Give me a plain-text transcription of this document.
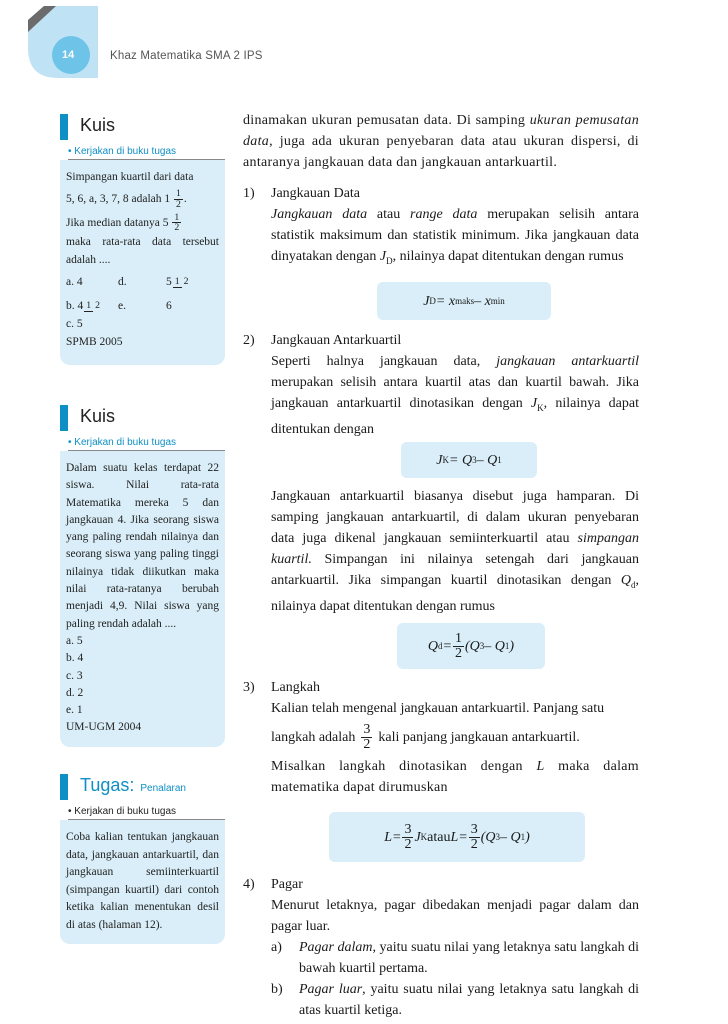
14	Khaz Matematika SMA 2 IPS
Kuis
• Kerjakan di buku tugas

Simpangan kuartil dari data

5, 6, a, 3, 7, 8 adalah $1 \frac{1}{2}$ .

Jika median datanya $5 \frac{1}{2}$

maka rata-rata data tersebut adalah ....

a. 4	d.	5 1 2
b. 4 1 2	e.	6
c. 5

SPMB 2005

Kuis
• Kerjakan di buku tugas

Dalam suatu kelas terdapat 22 siswa. Nilai rata-rata Matematika mereka 5 dan jangkauan 4. Jika seorang siswa yang paling rendah nilainya dan seorang siswa yang paling tinggi nilainya tidak diikutkan maka nilai rata-ratanya berubah menjadi 4,9. Nilai siswa yang paling rendah adalah ....

a. 5
b. 4
c. 3
d. 2
e. 1

UM-UGM 2004

Tugas: Penalaran
• Kerjakan di buku tugas

Coba kalian tentukan jangkauan data, jangkauan antarkuartil, dan jangkauan semiinterkuartil (simpangan kuartil) dari contoh ketika kalian menentukan desil di atas (halaman 12).

dinamakan ukuran pemusatan data. Di samping ukuran pemusatan data, juga ada ukuran penyebaran data atau ukuran dispersi, di antaranya jangkauan data dan jangkauan antarkuartil.

1) Jangkauan Data

Jangkauan data atau range data merupakan selisih antara statistik maksimum dan statistik minimum. Jika jangkauan data dinyatakan dengan $J_D$, nilainya dapat ditentukan dengan rumus

J D = x maks – x min
2) Jangkauan Antarkuartil

Seperti halnya jangkauan data, jangkauan antarkuartil merupakan selisih antara kuartil atas dan kuartil bawah. Jika jangkauan antarkuartil dinotasikan dengan $J_K$, nilainya dapat ditentukan dengan

J K = Q 3 – Q 1

Jangkauan antarkuartil biasanya disebut juga hamparan. Di samping jangkauan antarkuartil, di dalam ukuran penyebaran data juga dikenal jangkauan semiinterkuartil atau simpangan kuartil. Simpangan ini nilainya setengah dari jangkauan antarkuartil. Jika simpangan kuartil dinotasikan dengan $Q_d$, nilainya dapat ditentukan dengan rumus

Q $d = \frac{1}{2} (Q$ 3 – Q 1 )
3) Langkah

Kalian telah mengenal jangkauan antarkuartil. Panjang satu

langkah adalah $\frac{3}{2}$ kali panjang jangkauan antarkuartil.

Misalkan langkah dinotasikan dengan L maka dalam matematika dapat dirumuskan

$L = \frac{3}{2}$ J K atau $L = \frac{3}{2} (Q$ 3 – Q 1 )
4) Pagar

Menurut letaknya, pagar dibedakan menjadi pagar dalam dan pagar luar.

a) Pagar dalam, yaitu suatu nilai yang letaknya satu langkah di bawah kuartil pertama.

b) Pagar luar, yaitu suatu nilai yang letaknya satu langkah di atas kuartil ketiga.
